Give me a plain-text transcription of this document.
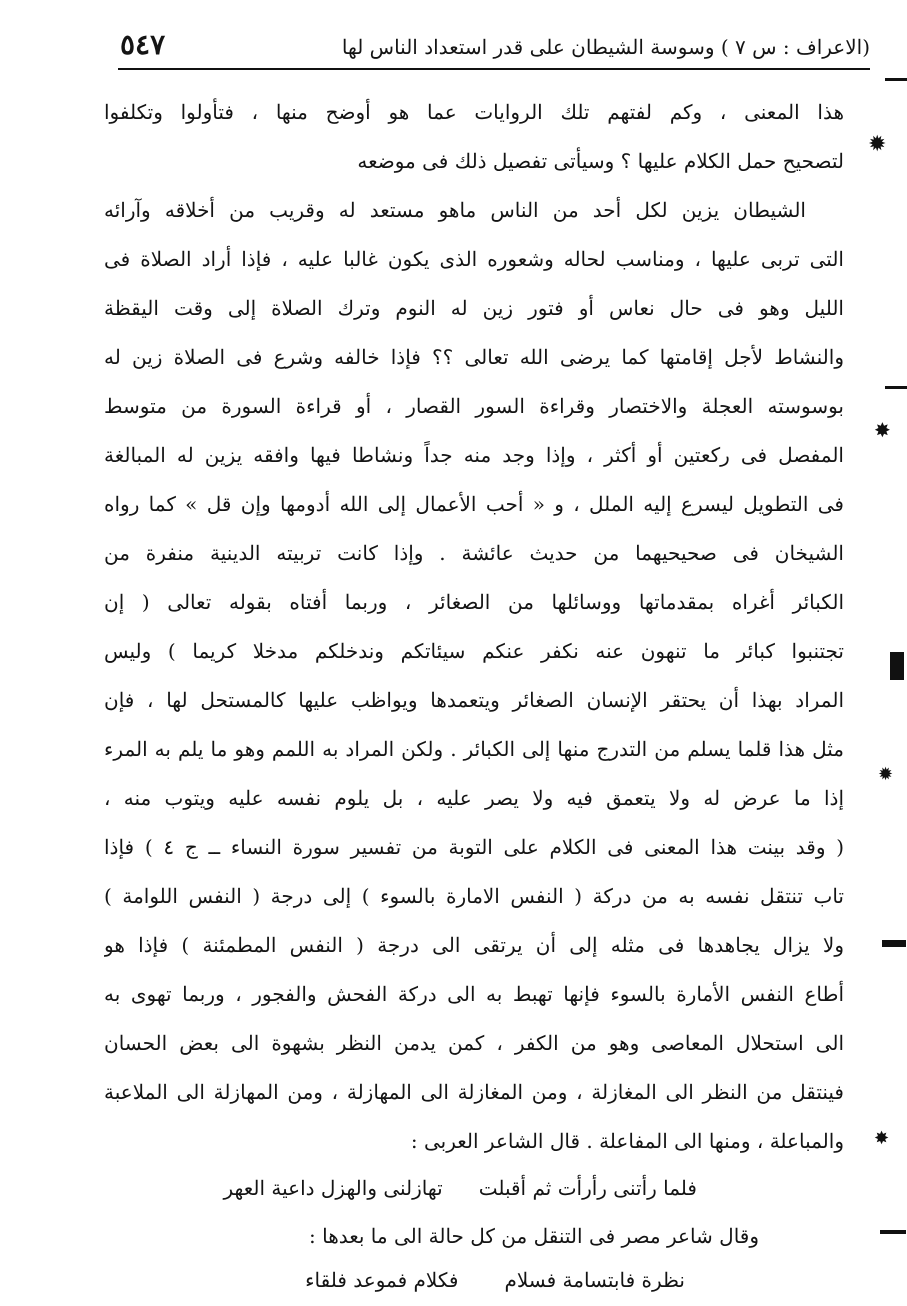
(الاعراف : س ٧ ) وسوسة الشيطان على قدر استعداد الناس لها
٥٤٧
هذا المعنى ، وكم لفتهم تلك الروايات عما هو أوضح منها ، فتأولوا وتكلفوا
لتصحيح حمل الكلام عليها ؟ وسيأتى تفصيل ذلك فى موضعه
الشيطان يزين لكل أحد من الناس ماهو مستعد له وقريب من أخلاقه وآرائه
التى تربى عليها ، ومناسب لحاله وشعوره الذى يكون غالبا عليه ، فإذا أراد الصلاة فى
الليل وهو فى حال نعاس أو فتور زين له النوم وترك الصلاة إلى وقت اليقظة
والنشاط لأجل إقامتها كما يرضى الله تعالى ؟؟ فإذا خالفه وشرع فى الصلاة زين له
بوسوسته العجلة والاختصار وقراءة السور القصار ، أو قراءة السورة من متوسط
المفصل فى ركعتين أو أكثر ، وإذا وجد منه جداً ونشاطا فيها وافقه يزين له المبالغة
فى التطويل ليسرع إليه الملل ، و « أحب الأعمال إلى الله أدومها وإن قل » كما رواه
الشيخان فى صحيحيهما من حديث عائشة . وإذا كانت تربيته الدينية منفرة من
الكبائر أغراه بمقدماتها ووسائلها من الصغائر ، وربما أفتاه بقوله تعالى ( إن
تجتنبوا كبائر ما تنهون عنه نكفر عنكم سيئاتكم وندخلكم مدخلا كريما ) وليس
المراد بهذا أن يحتقر الإنسان الصغائر ويتعمدها ويواظب عليها كالمستحل لها ، فإن
مثل هذا قلما يسلم من التدرج منها إلى الكبائر . ولكن المراد به اللمم وهو ما يلم به المرء
إذا ما عرض له ولا يتعمق فيه ولا يصر عليه ، بل يلوم نفسه عليه ويتوب منه ،
( وقد بينت هذا المعنى فى الكلام على التوبة من تفسير سورة النساء ــ ج ٤ ) فإذا
تاب تنتقل نفسه به من دركة ( النفس الامارة بالسوء ) إلى درجة ( النفس اللوامة )
ولا يزال يجاهدها فى مثله إلى أن يرتقى الى درجة ( النفس المطمئنة ) فإذا هو
أطاع النفس الأمارة بالسوء فإنها تهبط به الى دركة الفحش والفجور ، وربما تهوى به
الى استحلال المعاصى وهو من الكفر ، كمن يدمن النظر بشهوة الى بعض الحسان
فينتقل من النظر الى المغازلة ، ومن المغازلة الى المهازلة ، ومن المهازلة الى الملاعبة
والمباعلة ، ومنها الى المفاعلة . قال الشاعر العربى :
فلما رأتنى رأرأت ثم أقبلتتهازلنى والهزل داعية العهر
وقال شاعر مصر فى التنقل من كل حالة الى ما بعدها :
نظرة فابتسامة فسلامفكلام فموعد فلقاء
✹
✸
✹
✸
